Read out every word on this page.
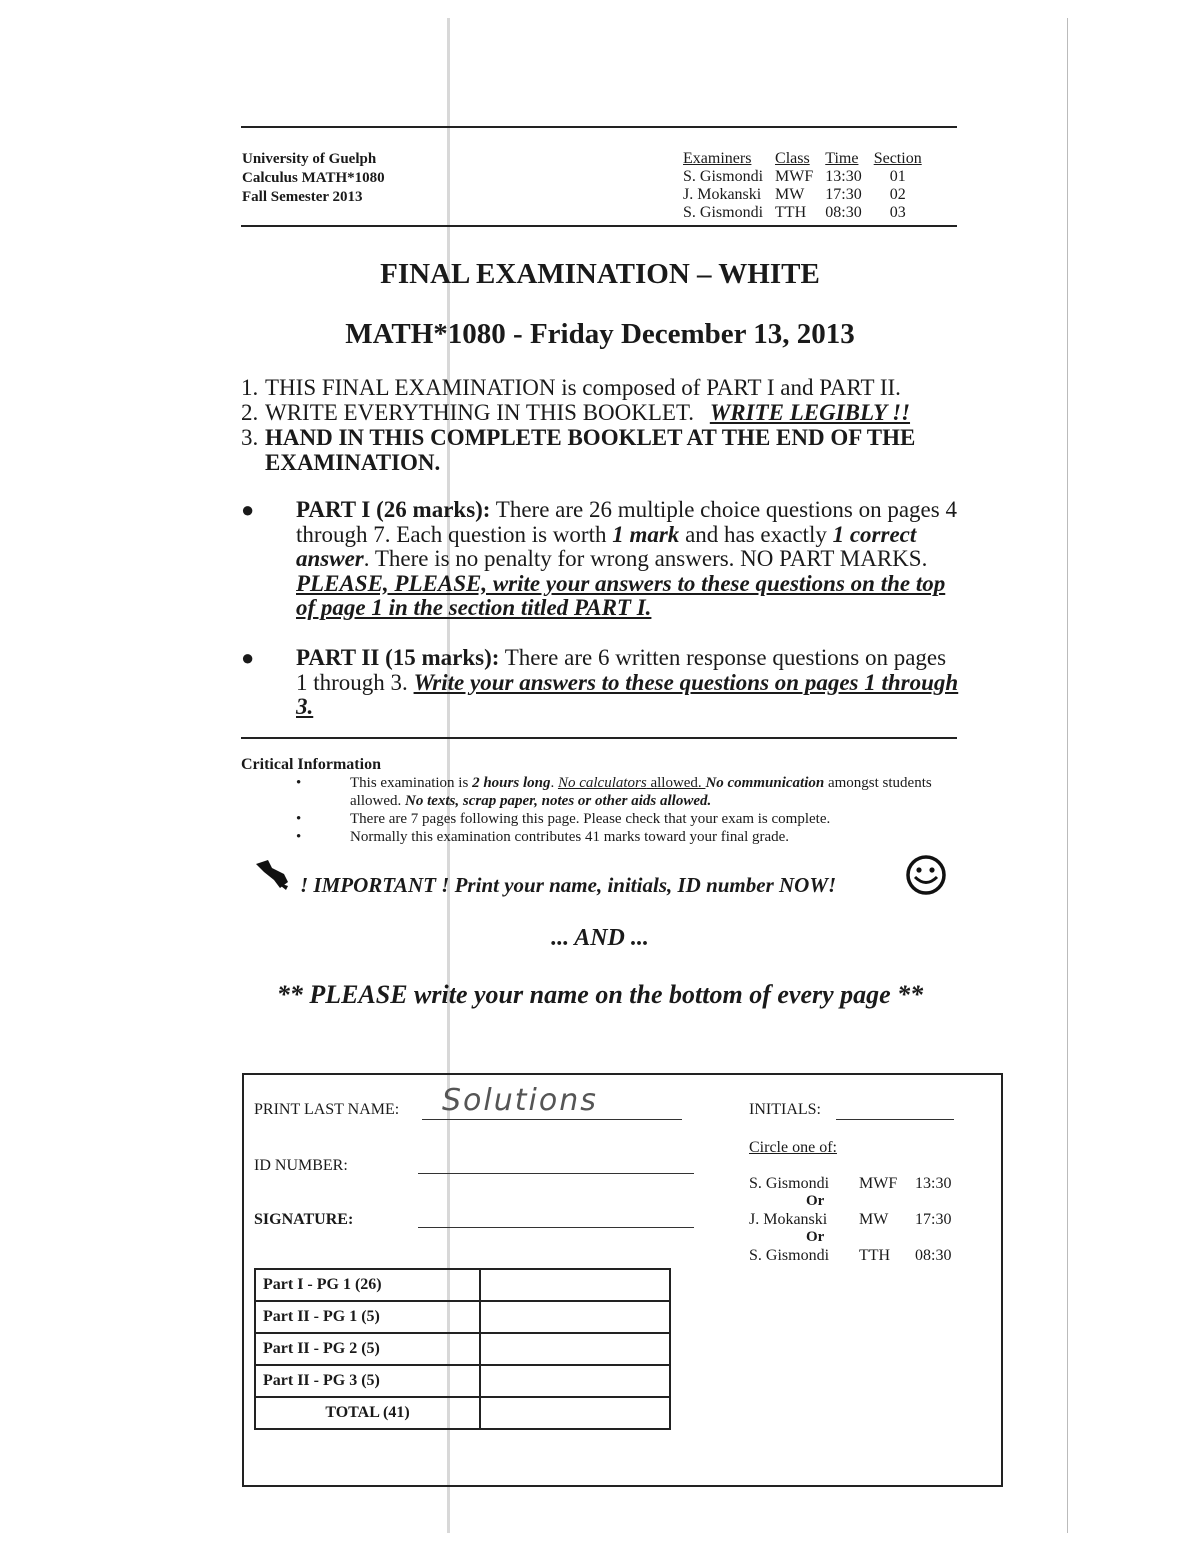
University of Guelph
Calculus MATH*1080
Fall Semester 2013
Examiners	Class	Time	Section
S. Gismondi	MWF	13:30	01
J. Mokanski	MW	17:30	02
S. Gismondi	TTH	08:30	03
FINAL EXAMINATION – WHITE
MATH*1080 - Friday December 13, 2013
1. THIS FINAL EXAMINATION is composed of PART I and PART II.
2. WRITE EVERYTHING IN THIS BOOKLET. WRITE LEGIBLY !!
3. HAND IN THIS COMPLETE BOOKLET AT THE END OF THE EXAMINATION.
● PART I (26 marks): There are 26 multiple choice questions on pages 4 through 7. Each question is worth 1 mark and has exactly 1 correct answer. There is no penalty for wrong answers. NO PART MARKS. PLEASE, PLEASE, write your answers to these questions on the top of page 1 in the section titled PART I.
● PART II (15 marks): There are 6 written response questions on pages 1 through 3. Write your answers to these questions on pages 1 through 3.
Critical Information
•	This examination is 2 hours long. No calculators allowed. No communication amongst students allowed. No texts, scrap paper, notes or other aids allowed.
•	There are 7 pages following this page. Please check that your exam is complete.
•	Normally this examination contributes 41 marks toward your final grade.
! IMPORTANT ! Print your name, initials, ID number NOW!
... AND ...
** PLEASE write your name on the bottom of every page **
PRINT LAST NAME: Solutions	INITIALS:
ID NUMBER:
SIGNATURE:
Circle one of:
S. Gismondi	MWF	13:30
Or
J. Mokanski	MW	17:30
Or
S. Gismondi	TTH	08:30
Part I - PG 1 (26)	
Part II - PG 1 (5)	
Part II - PG 2 (5)	
Part II - PG 3 (5)	
TOTAL (41)	
